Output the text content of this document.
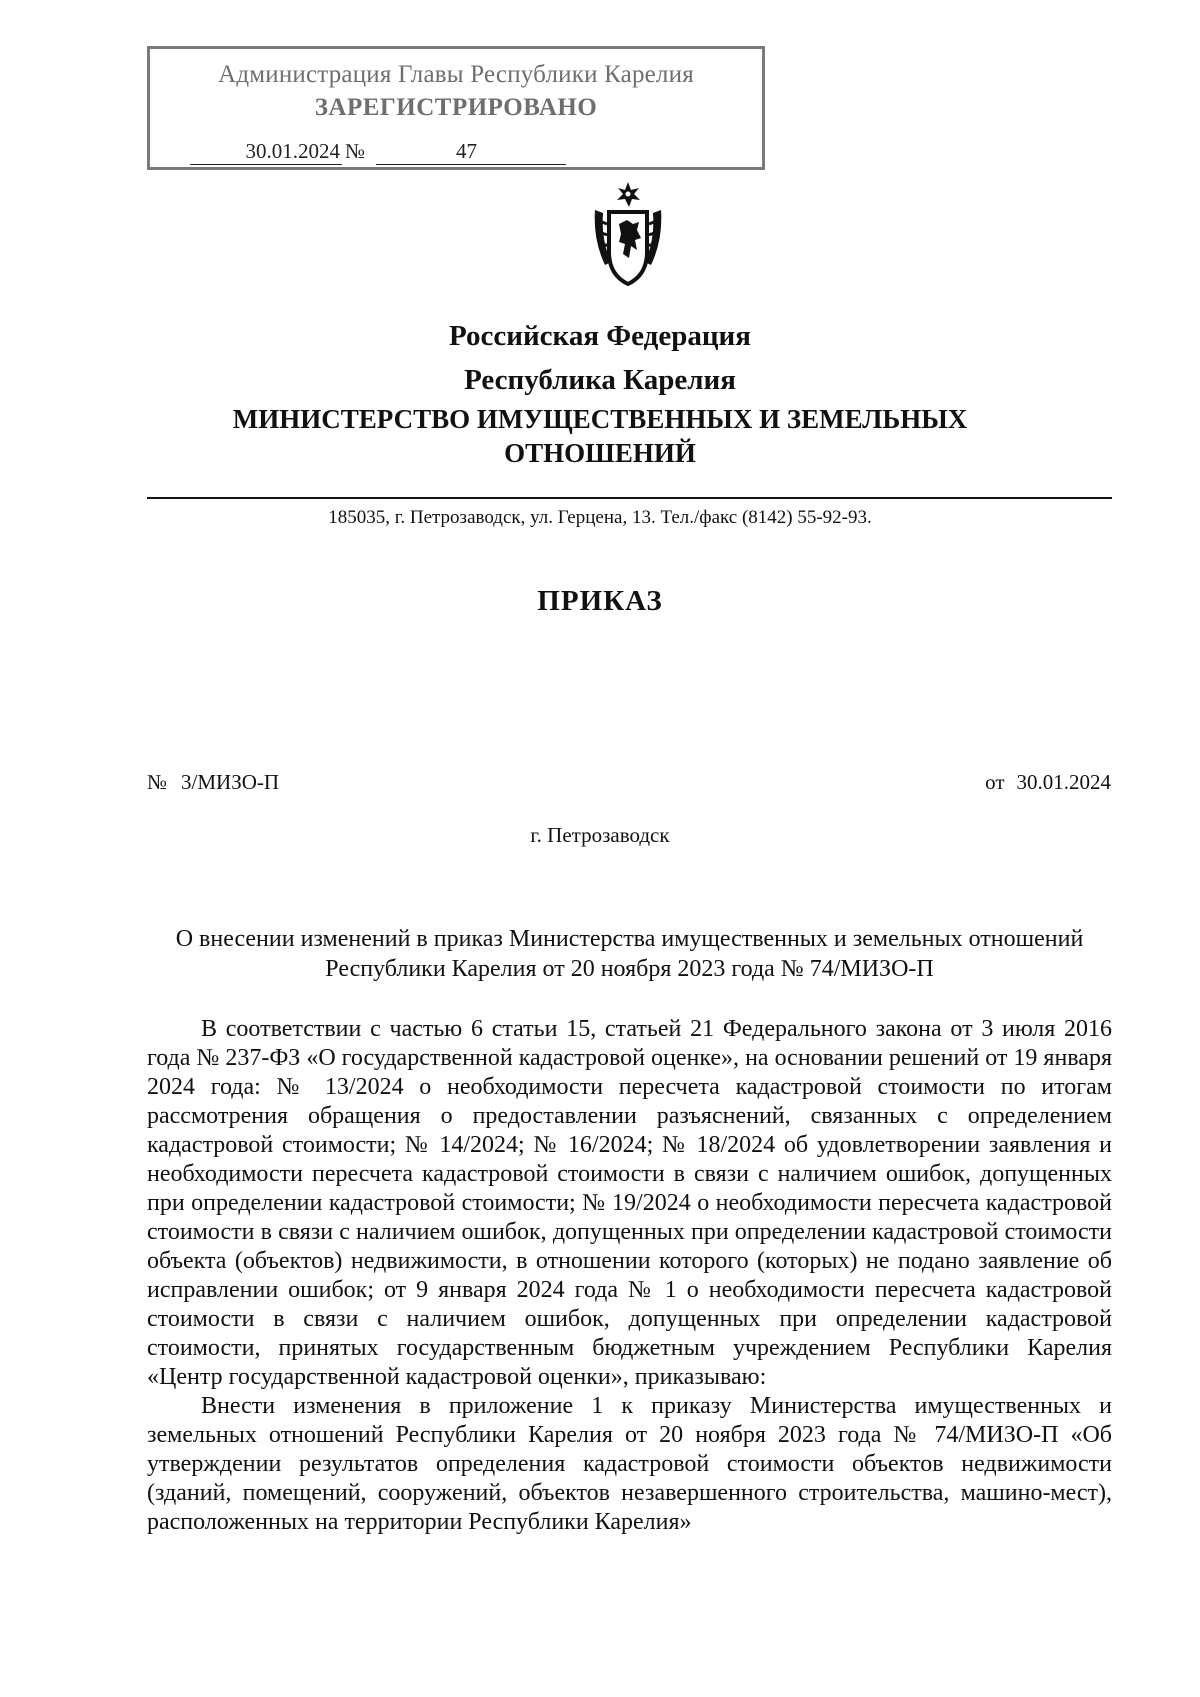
Администрация Главы Республики Карелия
ЗАРЕГИСТРИРОВАНО
30.01.2024 №	47
Российская Федерация
Республика Карелия
МИНИСТЕРСТВО ИМУЩЕСТВЕННЫХ И ЗЕМЕЛЬНЫХ
ОТНОШЕНИЙ
185035, г. Петрозаводск, ул. Герцена, 13. Тел./факс (8142) 55-92-93.
ПРИКАЗ
№ 3/МИЗО-П	от 30.01.2024
г. Петрозаводск
О внесении изменений в приказ Министерства имущественных и земельных отношений Республики Карелия от 20 ноября 2023 года № 74/МИЗО-П

В соответствии с частью 6 статьи 15, статьей 21 Федерального закона от 3 июля 2016 года № 237-ФЗ «О государственной кадастровой оценке», на основании решений от 19 января 2024 года: № 13/2024 о необходимости пересчета кадастровой стоимости по итогам рассмотрения обращения о предоставлении разъяснений, связанных с определением кадастровой стоимости; № 14/2024; № 16/2024; № 18/2024 об удовлетворении заявления и необходимости пересчета кадастровой стоимости в связи с наличием ошибок, допущенных при определении кадастровой стоимости; № 19/2024 о необходимости пересчета кадастровой стоимости в связи с наличием ошибок, допущенных при определении кадастровой стоимости объекта (объектов) недвижимости, в отношении которого (которых) не подано заявление об исправлении ошибок; от 9 января 2024 года № 1 о необходимости пересчета кадастровой стоимости в связи с наличием ошибок, допущенных при определении кадастровой стоимости, принятых государственным бюджетным учреждением Республики Карелия «Центр государственной кадастровой оценки», приказываю:

Внести изменения в приложение 1 к приказу Министерства имущественных и земельных отношений Республики Карелия от 20 ноября 2023 года № 74/МИЗО-П «Об утверждении результатов определения кадастровой стоимости объектов недвижимости (зданий, помещений, сооружений, объектов незавершенного строительства, машино-мест), расположенных на территории Республики Карелия»
